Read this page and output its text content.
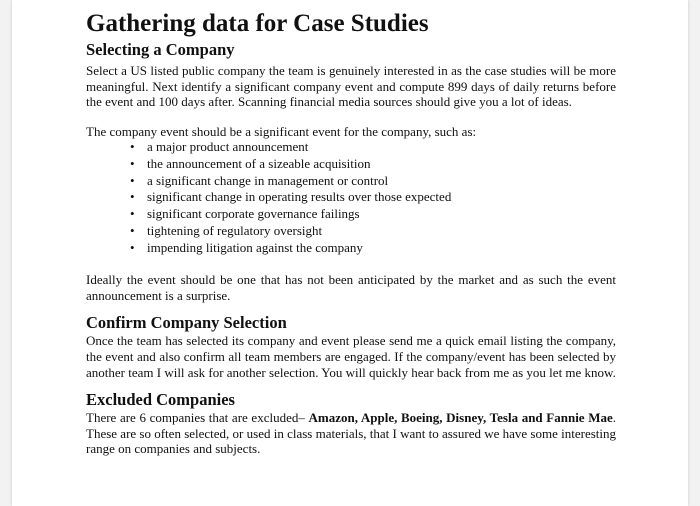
Gathering data for Case Studies
Selecting a Company

Select a US listed public company the team is genuinely interested in as the case studies will be more meaningful. Next identify a significant company event and compute 899 days of daily returns before the event and 100 days after. Scanning financial media sources should give you a lot of ideas.

The company event should be a significant event for the company, such as:

• a major product announcement
• the announcement of a sizeable acquisition
• a significant change in management or control
• significant change in operating results over those expected
• significant corporate governance failings
• tightening of regulatory oversight
• impending litigation against the company

Ideally the event should be one that has not been anticipated by the market and as such the event announcement is a surprise.

Confirm Company Selection

Once the team has selected its company and event please send me a quick email listing the company, the event and also confirm all team members are engaged. If the company/event has been selected by another team I will ask for another selection. You will quickly hear back from me as you let me know.

Excluded Companies

There are 6 companies that are excluded– Amazon, Apple, Boeing, Disney, Tesla and Fannie Mae. These are so often selected, or used in class materials, that I want to assured we have some interesting range on companies and subjects.
